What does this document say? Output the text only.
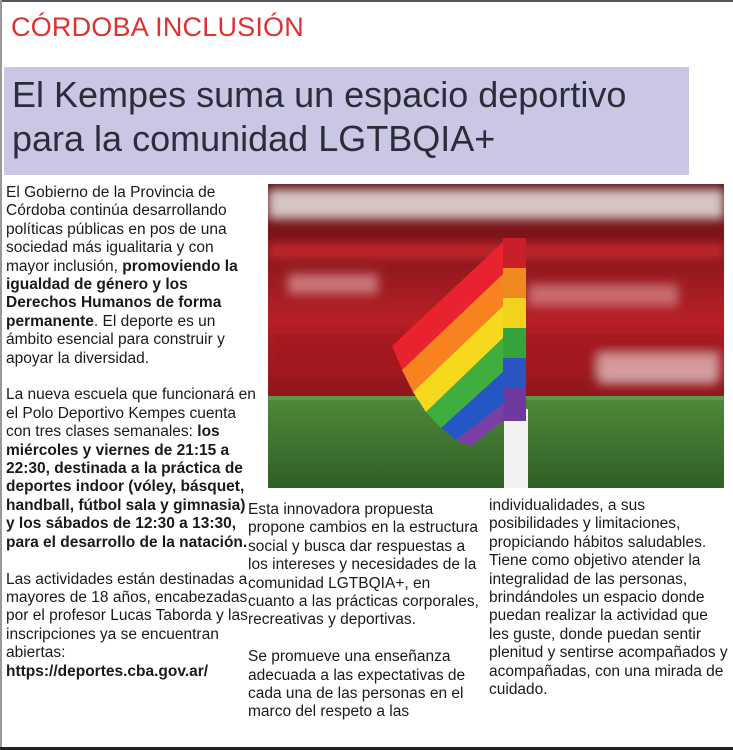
CÓRDOBA INCLUSIÓN
El Kempes suma un espacio deportivo para la comunidad LGTBQIA+

El Gobierno de la Provincia de Córdoba continúa desarrollando políticas públicas en pos de una sociedad más igualitaria y con mayor inclusión, promoviendo la igualdad de género y los Derechos Humanos de forma permanente. El deporte es un ámbito esencial para construir y apoyar la diversidad.

La nueva escuela que funcionará en el Polo Deportivo Kempes cuenta con tres clases semanales: los miércoles y viernes de 21:15 a 22:30, destinada a la práctica de deportes indoor (vóley, básquet, handball, fútbol sala y gimnasia) y los sábados de 12:30 a 13:30, para el desarrollo de la natación.

Las actividades están destinadas a mayores de 18 años, encabezadas por el profesor Lucas Taborda y las inscripciones ya se encuentran abiertas: https://deportes.cba.gov.ar/

Esta innovadora propuesta propone cambios en la estructura social y busca dar respuestas a los intereses y necesidades de la comunidad LGTBQIA+, en cuanto a las prácticas corporales, recreativas y deportivas.

Se promueve una enseñanza adecuada a las expectativas de cada una de las personas en el marco del respeto a las

individualidades, a sus posibilidades y limitaciones, propiciando hábitos saludables. Tiene como objetivo atender la integralidad de las personas, brindándoles un espacio donde puedan realizar la actividad que les guste, donde puedan sentir plenitud y sentirse acompañados y acompañadas, con una mirada de cuidado.
